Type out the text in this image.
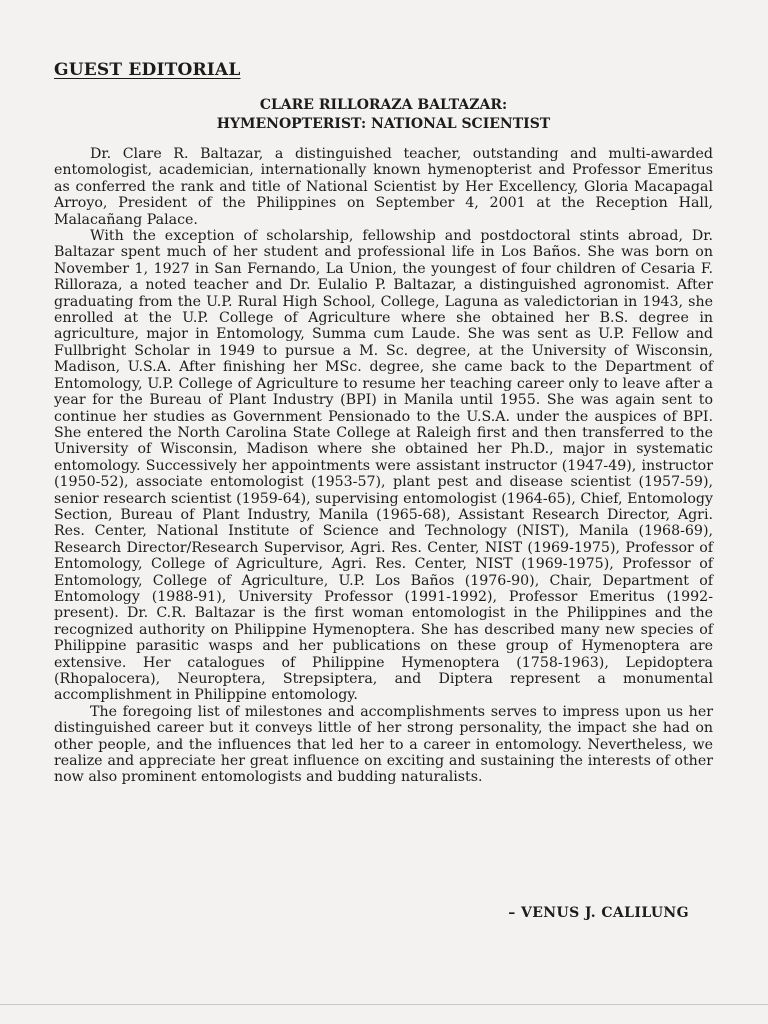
GUEST EDITORIAL
CLARE RILLORAZA BALTAZAR:
HYMENOPTERIST: NATIONAL SCIENTIST

Dr. Clare R. Baltazar, a distinguished teacher, outstanding and multi-awarded entomologist, academician, internationally known hymenopterist and Professor Emeritus as conferred the rank and title of National Scientist by Her Excellency, Gloria Macapagal Arroyo, President of the Philippines on September 4, 2001 at the Reception Hall, Malacañang Palace.

With the exception of scholarship, fellowship and postdoctoral stints abroad, Dr. Baltazar spent much of her student and professional life in Los Baños. She was born on November 1, 1927 in San Fernando, La Union, the youngest of four children of Cesaria F. Rilloraza, a noted teacher and Dr. Eulalio P. Baltazar, a distinguished agronomist. After graduating from the U.P. Rural High School, College, Laguna as valedictorian in 1943, she enrolled at the U.P. College of Agriculture where she obtained her B.S. degree in agriculture, major in Entomology, Summa cum Laude. She was sent as U.P. Fellow and Fullbright Scholar in 1949 to pursue a M. Sc. degree, at the University of Wisconsin, Madison, U.S.A. After finishing her MSc. degree, she came back to the Department of Entomology, U.P. College of Agriculture to resume her teaching career only to leave after a year for the Bureau of Plant Industry (BPI) in Manila until 1955. She was again sent to continue her studies as Government Pensionado to the U.S.A. under the auspices of BPI. She entered the North Carolina State College at Raleigh first and then transferred to the University of Wisconsin, Madison where she obtained her Ph.D., major in systematic entomology. Successively her appointments were assistant instructor (1947-49), instructor (1950-52), associate entomologist (1953-57), plant pest and disease scientist (1957-59), senior research scientist (1959-64), supervising entomologist (1964-65), Chief, Entomology Section, Bureau of Plant Industry, Manila (1965-68), Assistant Research Director, Agri. Res. Center, National Institute of Science and Technology (NIST), Manila (1968-69), Research Director/Research Supervisor, Agri. Res. Center, NIST (1969-1975), Professor of Entomology, College of Agriculture, Agri. Res. Center, NIST (1969-1975), Professor of Entomology, College of Agriculture, U.P. Los Baños (1976-90), Chair, Department of Entomology (1988-91), University Professor (1991-1992), Professor Emeritus (1992-present). Dr. C.R. Baltazar is the first woman entomologist in the Philippines and the recognized authority on Philippine Hymenoptera. She has described many new species of Philippine parasitic wasps and her publications on these group of Hymenoptera are extensive. Her catalogues of Philippine Hymenoptera (1758-1963), Lepidoptera (Rhopalocera), Neuroptera, Strepsiptera, and Diptera represent a monumental accomplishment in Philippine entomology.

The foregoing list of milestones and accomplishments serves to impress upon us her distinguished career but it conveys little of her strong personality, the impact she had on other people, and the influences that led her to a career in entomology. Nevertheless, we realize and appreciate her great influence on exciting and sustaining the interests of other now also prominent entomologists and budding naturalists.

– VENUS J. CALILUNG
